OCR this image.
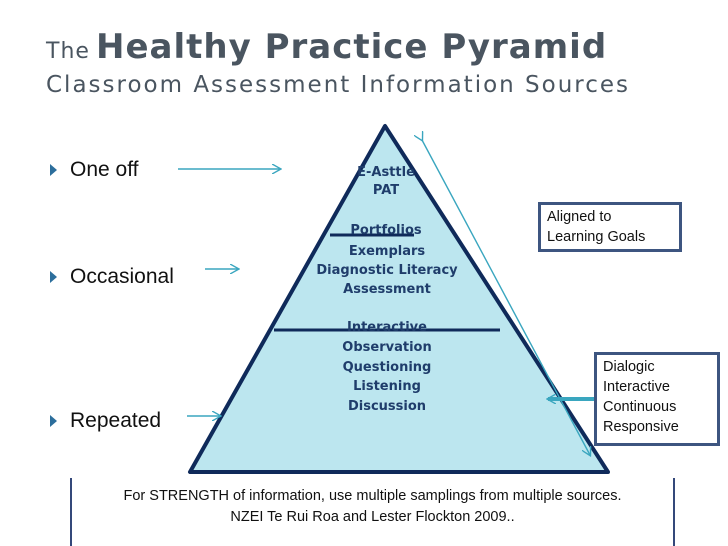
The Healthy Practice Pyramid
Classroom Assessment Information Sources
One off
Occasional
Repeated
E-Asttle
PAT
Portfolios
Exemplars
Diagnostic Literacy
Assessment
Interactive
Observation
Questioning
Listening
Discussion
Aligned to
Learning Goals
Dialogic
Interactive
Continuous
Responsive
For STRENGTH of information, use multiple samplings from multiple sources.
NZEI Te Rui Roa and Lester Flockton 2009..
